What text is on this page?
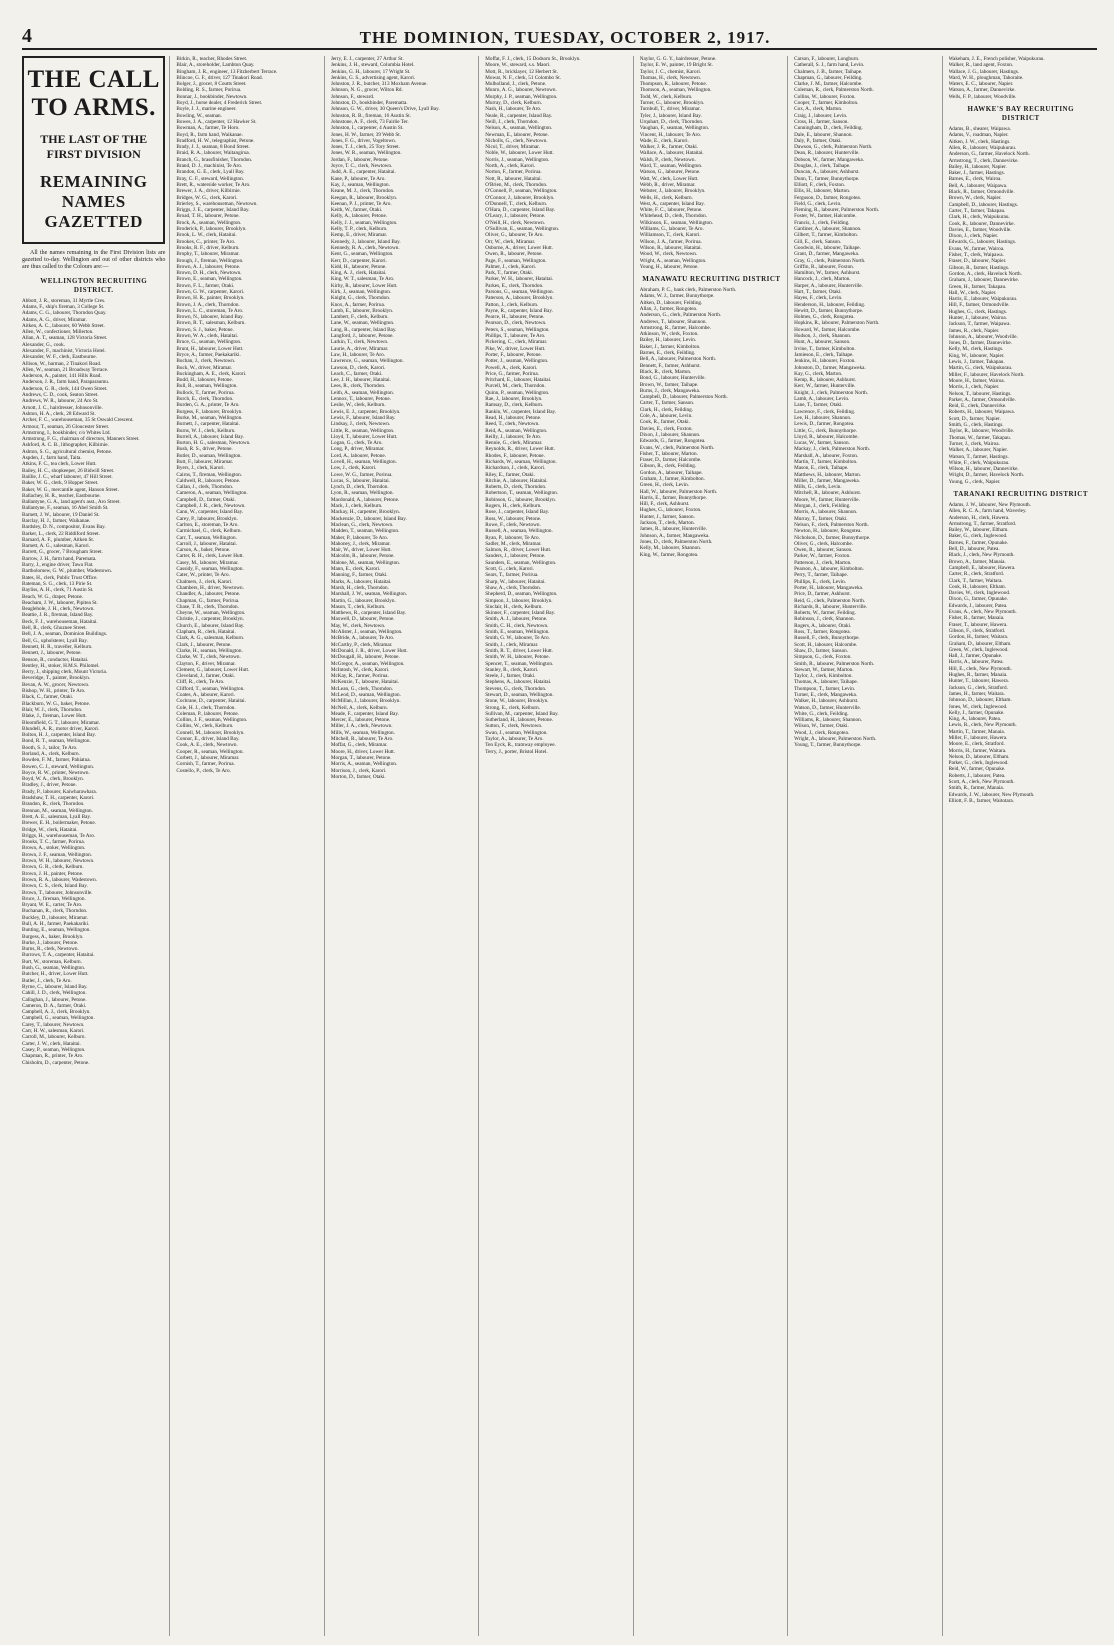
4	THE DOMINION, TUESDAY, OCTOBER 2, 1917.
THE CALL TO ARMS.
THE LAST OF THE FIRST DIVISION
REMAINING NAMES GAZETTED
All the names remaining in the First Division lists are gazetted to-day. Wellington and out of other districts who are thus called to the Colours are:—
WELLINGTON RECRUITING DISTRICT.
Abbott, J. R., storeman, 31 Myrtle Cres.
Adams, F., ship's fireman, 3 College St.
Adams, C. G., labourer, Thorndon Quay.
Adams, A. G., driver, Miramar.
Aitken, A. C., labourer, 60 Webb Street.
Allen, W., confectioner, Millerton.
Allan, A. T., seaman, 128 Victoria Street.
Alexander, G., cook.
Alexander, F., machinist, Victoria Hotel.
Alexander, W. F., clerk, Eastbourne.
Allison, W., barman, 2 Tinakori Road.
Allen, W., seaman, 21 Broadway Terrace.
Anderson, A., painter, 141 Hills Road.
Anderson, J. R., farm hand, Paraparaumu.
Anderson, G. R., clerk, 144 Owen Street.
Andrews, C. D., cook, Seaton Street.
Andrews, W. R., labourer, 24 Aro St.
Arnott, J. C., hairdresser, Johnsonville.
Ashton, H. A., clerk, 28 Edward St.
Archer, F. C., warehouseman, 35 St Oswald Crescent.
Armour, T., seaman, 26 Gloucester Street.
Armstrong, I., bookbinder, c/o Whites Ltd.
Armstrong, F. G., chairman of directors, Manners Street.
Ashford, A. C. B., lithographer, Kilbirnie.
Ashton, S. G., agricultural chemist, Petone.
Aspden, J., farm hand, Taita.
Atkins, F. C., tea clerk, Lower Hutt.
Bailey, H. C., shopkeeper, 26 Bidwill Street.
Baillie, J. C., wharf labourer, 47 Hill Street.
Baker, W. G., clerk, 9 Hopper Street.
Baker, W. G., mercantile agent, Hanson Street.
Ballachey, H. R., teacher, Eastbourne.
Ballantyne, G. A., land agent's asst., Aro Street.
Ballantyne, F., seaman, 16 Abel Smith St.
Barnett, J. W., labourer, 19 Daniel St.
Barclay, H. J., farmer, Waikanae.
Bardsley, D. N., compositor, Evans Bay.
Barker, L., clerk, 22 Riddiford Street.
Barnard, A. F., plumber, Aitken St.
Barnett, A. G., salesman, Karori.
Barrett, G., grocer, 7 Brougham Street.
Barrow, J. H., farm hand, Paremata.
Barry, J., engine driver, Tawa Flat.
Bartholomew, G. W., plumber, Wadestown.
Bates, H., clerk, Public Trust Office.
Bateman, S. G., clerk, 13 Pirie St.
Bayliss, A. H., clerk, 71 Austin St.
Beach, W. G., draper, Petone.
Beacham, J. W., labourer, Pipitea St.
Beaglehole, J. H., clerk, Newtown.
Beattie, J. R., fireman, Island Bay.
Beck, F. J., warehouseman, Hataitai.
Bell, R., clerk, Ghuznee Street.
Bell, J. A., seaman, Dominion Buildings.
Bell, G., upholsterer, Lyall Bay.
Bennett, H. R., traveller, Kelburn.
Bennett, J., labourer, Petone.
Benson, R., conductor, Hataitai.
Bentley, H., stoker, H.M.S. Philomel.
Berry, J., shipping clerk, Mount Victoria.
Beveridge, T., painter, Brooklyn.
Bevan, A. W., grocer, Newtown.
Bishop, W. H., printer, Te Aro.
Black, C., farmer, Otaki.
Blackburn, W. G., baker, Petone.
Blair, W. J., clerk, Thorndon.
Blake, J., fireman, Lower Hutt.
Bloomfield, G. T., labourer, Miramar.
Blundell, A. R., motor driver, Karori.
Bolton, H. J., carpenter, Island Bay.
Bond, R. T., seaman, Wellington.
Booth, S. J., tailor, Te Aro.
Borland, A., clerk, Kelburn.
Bowden, F. M., farmer, Pahiatua.
Bowen, C. J., steward, Wellington.
Boyce, R. W., printer, Newtown.
Boyd, W. A., clerk, Brooklyn.
Bradley, J., driver, Petone.
Brady, P., labourer, Kaiwharawhara.
Bradshaw, T. H., carpenter, Karori.
Brandon, R., clerk, Thorndon.
Brennan, M., seaman, Wellington.
Brett, A. E., salesman, Lyall Bay.
Brewer, E. H., boilermaker, Petone.
Bridge, W., clerk, Hataitai.
Briggs, H., warehouseman, Te Aro.
Brooks, T. C., farmer, Porirua.
Brown, A., stoker, Wellington.
Brown, J. F., seaman, Wellington.
Brown, W. H., labourer, Newtown.
Brown, G. R., clerk, Kelburn.
Brown, J. H., painter, Petone.
Brown, R. A., labourer, Wadestown.
Brown, C. S., clerk, Island Bay.
Brown, T., labourer, Johnsonville.
Bruce, J., fireman, Wellington.
Bryant, W. E., carter, Te Aro.
Buchanan, R., clerk, Thorndon.
Buckley, D., labourer, Miramar.
Bull, A. H., farmer, Paekakariki.
Bunting, E., seaman, Wellington.
Burgess, A., baker, Brooklyn.
Burke, J., labourer, Petone.
Burns, R., clerk, Newtown.
Burrows, T. A., carpenter, Hataitai.
Burt, W., storeman, Kelburn.
Bush, G., seaman, Wellington.
Butcher, H., driver, Lower Hutt.
Butler, J., clerk, Te Aro.
Byrne, C., labourer, Island Bay.
Cahill, J. D., clerk, Wellington.
Callaghan, J., labourer, Petone.
Cameron, D. A., farmer, Otaki.
Campbell, A. J., clerk, Brooklyn.
Campbell, G., seaman, Wellington.
Carey, T., labourer, Newtown.
Carr, H. W., salesman, Karori.
Carroll, M., labourer, Kelburn.
Carter, J. W., clerk, Hataitai.
Casey, P., seaman, Wellington.
Chapman, R., printer, Te Aro.
Chisholm, D., carpenter, Petone.
Birkin, R., teacher, Rhodes Street.
Blair, A., storeholder, Lambton Quay.
Bingham, J. R., engineer, 13 Fitzherbert Terrace.
Blincoe, G. F., driver, 127 Tinakori Road.
Bolger, J., grocer, 8 Coutts Street.
Bolding, R. S., farmer, Porirua.
Bonnar, J., bookbinder, Newtown.
Boyd, J., horse dealer, 4 Frederick Street.
Boyle, J. J., marine engineer.
Bowling, W., seaman.
Bowes, J. A., carpenter, 12 Hawker St.
Bowman, A., farmer, Te Horo.
Boyd, R., farm hand, Waikanae.
Bradford, H. W., telegraphist, Petone.
Brady, J. J., seaman, 8 Bond Street.
Braid, R. A., labourer, Waitangirua.
Branch, G., brassfinisher, Thorndon.
Brand, D. J., machinist, Te Aro.
Brandon, G. E., clerk, Lyall Bay.
Bray, C. F., steward, Wellington.
Brett, R., waterside worker, Te Aro.
Brewer, J. A., driver, Kilbirnie.
Bridges, W. G., clerk, Karori.
Brierley, S., warehouseman, Newtown.
Briggs, J. E., carpenter, Island Bay.
Broad, T. H., labourer, Petone.
Brock, A., seaman, Wellington.
Broderick, P., labourer, Brooklyn.
Brook, L. W., clerk, Hataitai.
Brookes, C., printer, Te Aro.
Brooks, R. F., driver, Kelburn.
Brophy, T., labourer, Miramar.
Brough, J., fireman, Wellington.
Brown, A. J., labourer, Petone.
Brown, D. H., clerk, Newtown.
Brown, E., seaman, Wellington.
Brown, F. L., farmer, Otaki.
Brown, G. W., carpenter, Karori.
Brown, H. R., painter, Brooklyn.
Brown, J. A., clerk, Thorndon.
Brown, L. C., storeman, Te Aro.
Brown, N., labourer, Island Bay.
Brown, R. T., salesman, Kelburn.
Brown, S. J., baker, Petone.
Brown, W. A., clerk, Hataitai.
Bruce, G., seaman, Wellington.
Brunt, H., labourer, Lower Hutt.
Bryce, A., farmer, Paekakariki.
Buchan, J., clerk, Newtown.
Buck, W., driver, Miramar.
Buckingham, A. E., clerk, Karori.
Budd, H., labourer, Petone.
Bull, R., seaman, Wellington.
Bullock, T., farmer, Porirua.
Burch, E., clerk, Thorndon.
Burden, G. A., printer, Te Aro.
Burgess, F., labourer, Brooklyn.
Burke, M., seaman, Wellington.
Burnett, J., carpenter, Hataitai.
Burns, W. J., clerk, Kelburn.
Burrell, A., labourer, Island Bay.
Burton, H. G., salesman, Newtown.
Bush, R. S., driver, Petone.
Butler, D., seaman, Wellington.
Butt, F., labourer, Miramar.
Byers, J., clerk, Karori.
Cairns, T., fireman, Wellington.
Caldwell, R., labourer, Petone.
Callan, J., clerk, Thorndon.
Cameron, A., seaman, Wellington.
Campbell, D., farmer, Otaki.
Campbell, J. R., clerk, Newtown.
Cann, W., carpenter, Island Bay.
Carey, P., labourer, Brooklyn.
Carlton, E., storeman, Te Aro.
Carmichael, G., clerk, Kelburn.
Carr, T., seaman, Wellington.
Carroll, J., labourer, Hataitai.
Carson, A., baker, Petone.
Carter, R. H., clerk, Lower Hutt.
Casey, M., labourer, Miramar.
Cassidy, F., seaman, Wellington.
Cater, W., printer, Te Aro.
Chalmers, J., clerk, Karori.
Chambers, H., driver, Newtown.
Chandler, A., labourer, Petone.
Chapman, G., farmer, Porirua.
Chase, T. R., clerk, Thorndon.
Cheyne, W., seaman, Wellington.
Christie, J., carpenter, Brooklyn.
Church, E., labourer, Island Bay.
Clapham, R., clerk, Hataitai.
Clark, A. G., salesman, Kelburn.
Clark, J., labourer, Petone.
Clarke, H., seaman, Wellington.
Clarke, W. T., clerk, Newtown.
Clayton, F., driver, Miramar.
Clement, G., labourer, Lower Hutt.
Cleveland, J., farmer, Otaki.
Cliff, R., clerk, Te Aro.
Clifford, T., seaman, Wellington.
Coates, A., labourer, Karori.
Cochrane, D., carpenter, Hataitai.
Cole, H. J., clerk, Thorndon.
Coleman, P., labourer, Petone.
Collins, J. F., seaman, Wellington.
Collins, W., clerk, Kelburn.
Connell, M., labourer, Brooklyn.
Connor, E., driver, Island Bay.
Cook, A. E., clerk, Newtown.
Cooper, R., seaman, Wellington.
Corbett, J., labourer, Miramar.
Cornish, T., farmer, Porirua.
Costello, P., clerk, Te Aro.
Jerry, E. J., carpenter, 27 Arthur St.
Jenkins, J. H., steward, Columbia Hotel.
Jenkins, G. H., labourer, 17 Wright St.
Jenkins, G. S., advertising agent, Karori.
Johnston, J. R., butcher, 313 Moxham Avenue.
Johnson, N. G., grocer, Wilton Rd.
Johnson, F., steward.
Johnston, D., bookbinder, Parematta.
Johnson, G. W., driver, 30 Queen's Drive, Lyall Bay.
Johnston, R. B., fireman, 16 Austin St.
Johnstone, A. F., clerk, 73 Fairlie Ter.
Johnston, I., carpenter, 4 Austin St.
Jones, H. W., farmer, 39 Webb St.
Jones, F. G., driver, Vogeltown.
Jones, T. J., clerk, 25 Tory Street.
Jones, W. R., seaman, Wellington.
Jordan, F., labourer, Petone.
Joyce, T. C., clerk, Newtown.
Judd, A. E., carpenter, Hataitai.
Kane, P., labourer, Te Aro.
Kay, J., seaman, Wellington.
Keane, M. J., clerk, Thorndon.
Keegan, R., labourer, Brooklyn.
Keenan, P. J., printer, Te Aro.
Keith, W., farmer, Otaki.
Kelly, A., labourer, Petone.
Kelly, J. J., seaman, Wellington.
Kelly, T. P., clerk, Kelburn.
Kemp, E., driver, Miramar.
Kennedy, J., labourer, Island Bay.
Kennedy, R. A., clerk, Newtown.
Kent, G., seaman, Wellington.
Kerr, D., carpenter, Karori.
Kidd, H., labourer, Petone.
King, A. J., clerk, Hataitai.
King, W. T., salesman, Te Aro.
Kirby, R., labourer, Lower Hutt.
Kirk, J., seaman, Wellington.
Knight, G., clerk, Thorndon.
Knox, A., farmer, Porirua.
Lamb, E., labourer, Brooklyn.
Lambert, F., clerk, Kelburn.
Lane, W., seaman, Wellington.
Lang, R., carpenter, Island Bay.
Langford, J., labourer, Petone.
Larkin, T., clerk, Newtown.
Laurie, A., driver, Miramar.
Law, H., labourer, Te Aro.
Lawrence, G., seaman, Wellington.
Lawson, D., clerk, Karori.
Leach, C., farmer, Otaki.
Lee, J. H., labourer, Hataitai.
Lees, R., clerk, Thorndon.
Leith, A., seaman, Wellington.
Lennox, T., labourer, Petone.
Leslie, W., clerk, Kelburn.
Lewis, E. J., carpenter, Brooklyn.
Lewis, F., labourer, Island Bay.
Lindsay, J., clerk, Newtown.
Little, R., seaman, Wellington.
Lloyd, T., labourer, Lower Hutt.
Logan, G., clerk, Te Aro.
Long, P., driver, Miramar.
Lord, A., labourer, Petone.
Lovell, H., seaman, Wellington.
Low, J., clerk, Karori.
Lowe, W. G., farmer, Porirua.
Lucas, S., labourer, Hataitai.
Lynch, D., clerk, Thorndon.
Lyon, R., seaman, Wellington.
Macdonald, A., labourer, Petone.
Mack, J., clerk, Kelburn.
Mackay, H., carpenter, Brooklyn.
Mackenzie, D., labourer, Island Bay.
Maclean, G., clerk, Newtown.
Madden, T., seaman, Wellington.
Maher, P., labourer, Te Aro.
Mahoney, J., clerk, Miramar.
Mair, W., driver, Lower Hutt.
Malcolm, R., labourer, Petone.
Malone, M., seaman, Wellington.
Mann, E., clerk, Karori.
Manning, F., farmer, Otaki.
Marks, A., labourer, Hataitai.
Marsh, H., clerk, Thorndon.
Marshall, J. W., seaman, Wellington.
Martin, G., labourer, Brooklyn.
Mason, T., clerk, Kelburn.
Matthews, R., carpenter, Island Bay.
Maxwell, D., labourer, Petone.
May, W., clerk, Newtown.
McAlister, J., seaman, Wellington.
McBride, A., labourer, Te Aro.
McCarthy, P., clerk, Miramar.
McDonald, J. R., driver, Lower Hutt.
McDougall, H., labourer, Petone.
McGregor, A., seaman, Wellington.
McIntosh, W., clerk, Karori.
McKay, R., farmer, Porirua.
McKenzie, T., labourer, Hataitai.
McLean, G., clerk, Thorndon.
McLeod, D., seaman, Wellington.
McMillan, J., labourer, Brooklyn.
McNeil, A., clerk, Kelburn.
Meade, F., carpenter, Island Bay.
Mercer, E., labourer, Petone.
Miller, J. A., clerk, Newtown.
Mills, W., seaman, Wellington.
Mitchell, R., labourer, Te Aro.
Moffat, G., clerk, Miramar.
Moore, H., driver, Lower Hutt.
Morgan, T., labourer, Petone.
Morris, A., seaman, Wellington.
Morrison, J., clerk, Karori.
Morton, D., farmer, Otaki.
Moffat, F. J., clerk, 15 Dodsom St., Brooklyn.
Moore, W., steward, s.s. Maori.
Mott, R., bricklayer, 12 Herbert St.
Mowat, N. F., clerk, 51 Colombo St.
Mulholland, J., clerk, Petone.
Munro, A. G., labourer, Newtown.
Murphy, J. P., seaman, Wellington.
Murray, D., clerk, Kelburn.
Nash, H., labourer, Te Aro.
Neale, R., carpenter, Island Bay.
Neill, J., clerk, Thorndon.
Nelson, A., seaman, Wellington.
Newman, E., labourer, Petone.
Nicholls, G., clerk, Newtown.
Nicol, T., driver, Miramar.
Noble, W., labourer, Lower Hutt.
Norris, J., seaman, Wellington.
North, A., clerk, Karori.
Norton, F., farmer, Porirua.
Nott, R., labourer, Hataitai.
O'Brien, M., clerk, Thorndon.
O'Connell, P., seaman, Wellington.
O'Connor, J., labourer, Brooklyn.
O'Donnell, T., clerk, Kelburn.
O'Hara, D., carpenter, Island Bay.
O'Leary, J., labourer, Petone.
O'Neill, H., clerk, Newtown.
O'Sullivan, E., seaman, Wellington.
Oliver, G., labourer, Te Aro.
Orr, W., clerk, Miramar.
Osborne, A., driver, Lower Hutt.
Owen, R., labourer, Petone.
Page, F., seaman, Wellington.
Palmer, J., clerk, Karori.
Park, T., farmer, Otaki.
Parker, W. H., labourer, Hataitai.
Parkes, E., clerk, Thorndon.
Parsons, G., seaman, Wellington.
Paterson, A., labourer, Brooklyn.
Patton, J., clerk, Kelburn.
Payne, R., carpenter, Island Bay.
Pearce, H., labourer, Petone.
Pearson, D., clerk, Newtown.
Peters, S., seaman, Wellington.
Phillips, T., labourer, Te Aro.
Pickering, C., clerk, Miramar.
Pike, W., driver, Lower Hutt.
Porter, F., labourer, Petone.
Potter, J., seaman, Wellington.
Powell, A., clerk, Karori.
Price, G., farmer, Porirua.
Pritchard, E., labourer, Hataitai.
Purcell, M., clerk, Thorndon.
Quinn, P., seaman, Wellington.
Rae, J., labourer, Brooklyn.
Ramsay, D., clerk, Kelburn.
Rankin, W., carpenter, Island Bay.
Read, H., labourer, Petone.
Reed, T., clerk, Newtown.
Reid, A., seaman, Wellington.
Reilly, J., labourer, Te Aro.
Rennie, G., clerk, Miramar.
Reynolds, R., driver, Lower Hutt.
Rhodes, F., labourer, Petone.
Richards, W., seaman, Wellington.
Richardson, J., clerk, Karori.
Riley, E., farmer, Otaki.
Ritchie, A., labourer, Hataitai.
Roberts, D., clerk, Thorndon.
Robertson, T., seaman, Wellington.
Robinson, G., labourer, Brooklyn.
Rogers, H., clerk, Kelburn.
Rose, J., carpenter, Island Bay.
Ross, W., labourer, Petone.
Rowe, F., clerk, Newtown.
Russell, A., seaman, Wellington.
Ryan, P., labourer, Te Aro.
Sadler, M., clerk, Miramar.
Salmon, R., driver, Lower Hutt.
Sanders, J., labourer, Petone.
Saunders, E., seaman, Wellington.
Scott, G., clerk, Karori.
Sears, T., farmer, Porirua.
Sharp, W., labourer, Hataitai.
Shaw, A., clerk, Thorndon.
Shepherd, D., seaman, Wellington.
Simpson, J., labourer, Brooklyn.
Sinclair, H., clerk, Kelburn.
Skinner, F., carpenter, Island Bay.
Smith, A. J., labourer, Petone.
Smith, C. H., clerk, Newtown.
Smith, E., seaman, Wellington.
Smith, G. W., labourer, Te Aro.
Smith, J., clerk, Miramar.
Smith, R. T., driver, Lower Hutt.
Smith, W. H., labourer, Petone.
Spencer, T., seaman, Wellington.
Stanley, R., clerk, Karori.
Steele, J., farmer, Otaki.
Stephens, A., labourer, Hataitai.
Stevens, G., clerk, Thorndon.
Stewart, D., seaman, Wellington.
Stone, W., labourer, Brooklyn.
Strong, E., clerk, Kelburn.
Sullivan, M., carpenter, Island Bay.
Sutherland, H., labourer, Petone.
Sutton, F., clerk, Newtown.
Swan, J., seaman, Wellington.
Taylor, A., labourer, Te Aro.
Ten Eyck, R., tramway employee.
Terry, J., porter, Bristol Hotel.
Naylor, G. G. Y., hairdresser, Petone.
Taylor, E. W., painter, 19 Bright St.
Taylor, J. C., chemist, Karori.
Thomas, H., clerk, Newtown.
Thompson, R., labourer, Petone.
Thomson, A., seaman, Wellington.
Todd, W., clerk, Kelburn.
Turner, G., labourer, Brooklyn.
Turnbull, T., driver, Miramar.
Tyler, J., labourer, Island Bay.
Urquhart, D., clerk, Thorndon.
Vaughan, F., seaman, Wellington.
Vincent, H., labourer, Te Aro.
Wade, E., clerk, Karori.
Walker, J. R., farmer, Otaki.
Wallace, A., labourer, Hataitai.
Walsh, P., clerk, Newtown.
Ward, T., seaman, Wellington.
Watson, G., labourer, Petone.
Watt, W., clerk, Lower Hutt.
Webb, R., driver, Miramar.
Webster, J., labourer, Brooklyn.
Wells, H., clerk, Kelburn.
West, A., carpenter, Island Bay.
White, F. C., labourer, Petone.
Whitehead, D., clerk, Thorndon.
Wilkinson, E., seaman, Wellington.
Williams, G., labourer, Te Aro.
Williamson, T., clerk, Karori.
Wilson, J. A., farmer, Porirua.
Wilson, R., labourer, Hataitai.
Wood, W., clerk, Newtown.
Wright, A., seaman, Wellington.
Young, H., labourer, Petone.
MANAWATU RECRUITING DISTRICT
Abraham, P. C., bank clerk, Palmerston North.
Adams, W. J., farmer, Bunnythorpe.
Aitken, D., labourer, Feilding.
Allan, J., farmer, Rongotea.
Anderson, G., clerk, Palmerston North.
Andrews, T., labourer, Shannon.
Armstrong, R., farmer, Halcombe.
Atkinson, W., clerk, Foxton.
Bailey, H., labourer, Levin.
Baker, J., farmer, Kimbolton.
Barnes, E., clerk, Feilding.
Bell, A., labourer, Palmerston North.
Bennett, F., farmer, Ashhurst.
Black, R., clerk, Marton.
Bond, G., labourer, Hunterville.
Brown, W., farmer, Taihape.
Burns, J., clerk, Mangaweka.
Campbell, D., labourer, Palmerston North.
Carter, T., farmer, Sanson.
Clark, H., clerk, Feilding.
Cole, A., labourer, Levin.
Cook, R., farmer, Otaki.
Davies, E., clerk, Foxton.
Dixon, J., labourer, Shannon.
Edwards, G., farmer, Rongotea.
Evans, W., clerk, Palmerston North.
Fisher, T., labourer, Marton.
Fraser, D., farmer, Halcombe.
Gibson, R., clerk, Feilding.
Gordon, A., labourer, Taihape.
Graham, J., farmer, Kimbolton.
Green, H., clerk, Levin.
Hall, W., labourer, Palmerston North.
Harris, E., farmer, Bunnythorpe.
Hill, F., clerk, Ashhurst.
Hughes, G., labourer, Foxton.
Hunter, J., farmer, Sanson.
Jackson, T., clerk, Marton.
James, R., labourer, Hunterville.
Johnson, A., farmer, Mangaweka.
Jones, D., clerk, Palmerston North.
Kelly, M., labourer, Shannon.
King, W., farmer, Rongotea.
Carson, F., labourer, Longburn.
Catherall, S. J., farm hand, Levin.
Chalmers, J. B., farmer, Taihape.
Chapman, G., labourer, Feilding.
Clarke, J. M., farmer, Halcombe.
Coleman, R., clerk, Palmerston North.
Collins, W., labourer, Foxton.
Cooper, T., farmer, Kimbolton.
Cox, A., clerk, Marton.
Craig, J., labourer, Levin.
Cross, H., farmer, Sanson.
Cunningham, D., clerk, Feilding.
Dale, E., labourer, Shannon.
Daly, P., farmer, Otaki.
Dawson, G., clerk, Palmerston North.
Dean, R., labourer, Hunterville.
Dobson, W., farmer, Mangaweka.
Douglas, J., clerk, Taihape.
Duncan, A., labourer, Ashhurst.
Dunn, T., farmer, Bunnythorpe.
Elliott, F., clerk, Foxton.
Ellis, H., labourer, Marton.
Ferguson, D., farmer, Rongotea.
Field, G., clerk, Levin.
Fleming, R., labourer, Palmerston North.
Foster, W., farmer, Halcombe.
Francis, J., clerk, Feilding.
Gardiner, A., labourer, Shannon.
Gilbert, T., farmer, Kimbolton.
Gill, E., clerk, Sanson.
Goodwin, H., labourer, Taihape.
Grant, D., farmer, Mangaweka.
Gray, G., clerk, Palmerston North.
Griffin, R., labourer, Foxton.
Hamilton, W., farmer, Ashhurst.
Hancock, J., clerk, Marton.
Harper, A., labourer, Hunterville.
Hart, T., farmer, Otaki.
Hayes, F., clerk, Levin.
Henderson, H., labourer, Feilding.
Hewitt, D., farmer, Bunnythorpe.
Holmes, G., clerk, Rongotea.
Hopkins, R., labourer, Palmerston North.
Howard, W., farmer, Halcombe.
Hudson, J., clerk, Shannon.
Hunt, A., labourer, Sanson.
Irvine, T., farmer, Kimbolton.
Jamieson, E., clerk, Taihape.
Jenkins, H., labourer, Foxton.
Johnston, D., farmer, Mangaweka.
Kay, G., clerk, Marton.
Kemp, R., labourer, Ashhurst.
Kerr, W., farmer, Hunterville.
Knight, J., clerk, Palmerston North.
Lamb, A., labourer, Levin.
Lane, T., farmer, Otaki.
Lawrence, F., clerk, Feilding.
Lee, H., labourer, Shannon.
Lewis, D., farmer, Rongotea.
Little, G., clerk, Bunnythorpe.
Lloyd, R., labourer, Halcombe.
Lucas, W., farmer, Sanson.
Mackay, J., clerk, Palmerston North.
Marshall, A., labourer, Foxton.
Martin, T., farmer, Kimbolton.
Mason, E., clerk, Taihape.
Matthews, H., labourer, Marton.
Miller, D., farmer, Mangaweka.
Mills, G., clerk, Levin.
Mitchell, R., labourer, Ashhurst.
Moore, W., farmer, Hunterville.
Morgan, J., clerk, Feilding.
Morris, A., labourer, Shannon.
Murray, T., farmer, Otaki.
Nelson, F., clerk, Palmerston North.
Newton, H., labourer, Rongotea.
Nicholson, D., farmer, Bunnythorpe.
Oliver, G., clerk, Halcombe.
Owen, R., labourer, Sanson.
Parker, W., farmer, Foxton.
Patterson, J., clerk, Marton.
Pearson, A., labourer, Kimbolton.
Perry, T., farmer, Taihape.
Phillips, E., clerk, Levin.
Porter, H., labourer, Mangaweka.
Price, D., farmer, Ashhurst.
Reid, G., clerk, Palmerston North.
Richards, R., labourer, Hunterville.
Roberts, W., farmer, Feilding.
Robinson, J., clerk, Shannon.
Rogers, A., labourer, Otaki.
Ross, T., farmer, Rongotea.
Russell, F., clerk, Bunnythorpe.
Scott, H., labourer, Halcombe.
Shaw, D., farmer, Sanson.
Simpson, G., clerk, Foxton.
Smith, R., labourer, Palmerston North.
Stewart, W., farmer, Marton.
Taylor, J., clerk, Kimbolton.
Thomas, A., labourer, Taihape.
Thompson, T., farmer, Levin.
Turner, E., clerk, Mangaweka.
Walker, H., labourer, Ashhurst.
Watson, D., farmer, Hunterville.
White, G., clerk, Feilding.
Williams, R., labourer, Shannon.
Wilson, W., farmer, Otaki.
Wood, J., clerk, Rongotea.
Wright, A., labourer, Palmerston North.
Young, T., farmer, Bunnythorpe.
Wakeham, J. E., French polisher, Waipukurau.
Walker, R., land agent, Foxton.
Wallace, J. G., labourer, Hastings.
Ward, W. H., ploughman, Tahoraite.
Waters, E. C., labourer, Napier.
Watson, A., farmer, Dannevirke.
Wells, F. P., labourer, Woodville.
HAWKE'S BAY RECRUITING DISTRICT
Adams, B., shearer, Waipawa.
Adams, V., roadman, Napier.
Aitken, J. W., clerk, Hastings.
Allen, R., labourer, Waipukurau.
Anderson, G., farmer, Havelock North.
Armstrong, T., clerk, Dannevirke.
Bailey, H., labourer, Napier.
Baker, J., farmer, Hastings.
Barnes, E., clerk, Wairoa.
Bell, A., labourer, Waipawa.
Black, R., farmer, Ormondville.
Brown, W., clerk, Napier.
Campbell, D., labourer, Hastings.
Carter, T., farmer, Takapau.
Clark, H., clerk, Waipukurau.
Cook, R., labourer, Dannevirke.
Davies, E., farmer, Woodville.
Dixon, J., clerk, Napier.
Edwards, G., labourer, Hastings.
Evans, W., farmer, Wairoa.
Fisher, T., clerk, Waipawa.
Fraser, D., labourer, Napier.
Gibson, R., farmer, Hastings.
Gordon, A., clerk, Havelock North.
Graham, J., labourer, Dannevirke.
Green, H., farmer, Takapau.
Hall, W., clerk, Napier.
Harris, E., labourer, Waipukurau.
Hill, F., farmer, Ormondville.
Hughes, G., clerk, Hastings.
Hunter, J., labourer, Wairoa.
Jackson, T., farmer, Waipawa.
James, R., clerk, Napier.
Johnson, A., labourer, Woodville.
Jones, D., farmer, Dannevirke.
Kelly, M., clerk, Hastings.
King, W., labourer, Napier.
Lewis, J., farmer, Takapau.
Martin, G., clerk, Waipukurau.
Miller, F., labourer, Havelock North.
Moore, H., farmer, Wairoa.
Morris, J., clerk, Napier.
Nelson, T., labourer, Hastings.
Parker, A., farmer, Ormondville.
Reid, E., clerk, Dannevirke.
Roberts, H., labourer, Waipawa.
Scott, D., farmer, Napier.
Smith, G., clerk, Hastings.
Taylor, R., labourer, Woodville.
Thomas, W., farmer, Takapau.
Turner, J., clerk, Wairoa.
Walker, A., labourer, Napier.
Watson, T., farmer, Hastings.
White, F., clerk, Waipukurau.
Wilson, H., labourer, Dannevirke.
Wright, D., farmer, Havelock North.
Young, G., clerk, Napier.
TARANAKI RECRUITING DISTRICT
Adams, J. W., labourer, New Plymouth.
Allen, R. C. A., farm hand, Waverley.
Anderson, H., clerk, Hawera.
Armstrong, T., farmer, Stratford.
Bailey, W., labourer, Eltham.
Baker, G., clerk, Inglewood.
Barnes, F., farmer, Opunake.
Bell, D., labourer, Patea.
Black, J., clerk, New Plymouth.
Brown, A., farmer, Manaia.
Campbell, E., labourer, Hawera.
Carter, R., clerk, Stratford.
Clark, T., farmer, Waitara.
Cook, H., labourer, Eltham.
Davies, W., clerk, Inglewood.
Dixon, G., farmer, Opunake.
Edwards, J., labourer, Patea.
Evans, A., clerk, New Plymouth.
Fisher, R., farmer, Manaia.
Fraser, T., labourer, Hawera.
Gibson, F., clerk, Stratford.
Gordon, H., farmer, Waitara.
Graham, D., labourer, Eltham.
Green, W., clerk, Inglewood.
Hall, J., farmer, Opunake.
Harris, A., labourer, Patea.
Hill, E., clerk, New Plymouth.
Hughes, R., farmer, Manaia.
Hunter, T., labourer, Hawera.
Jackson, G., clerk, Stratford.
James, H., farmer, Waitara.
Johnson, D., labourer, Eltham.
Jones, W., clerk, Inglewood.
Kelly, J., farmer, Opunake.
King, A., labourer, Patea.
Lewis, R., clerk, New Plymouth.
Martin, T., farmer, Manaia.
Miller, F., labourer, Hawera.
Moore, E., clerk, Stratford.
Morris, H., farmer, Waitara.
Nelson, D., labourer, Eltham.
Parker, G., clerk, Inglewood.
Reid, W., farmer, Opunake.
Roberts, J., labourer, Patea.
Scott, A., clerk, New Plymouth.
Smith, R., farmer, Manaia.
Edwards, J. W., labourer, New Plymouth.
Elliott, F. B., farmer, Waitotara.
